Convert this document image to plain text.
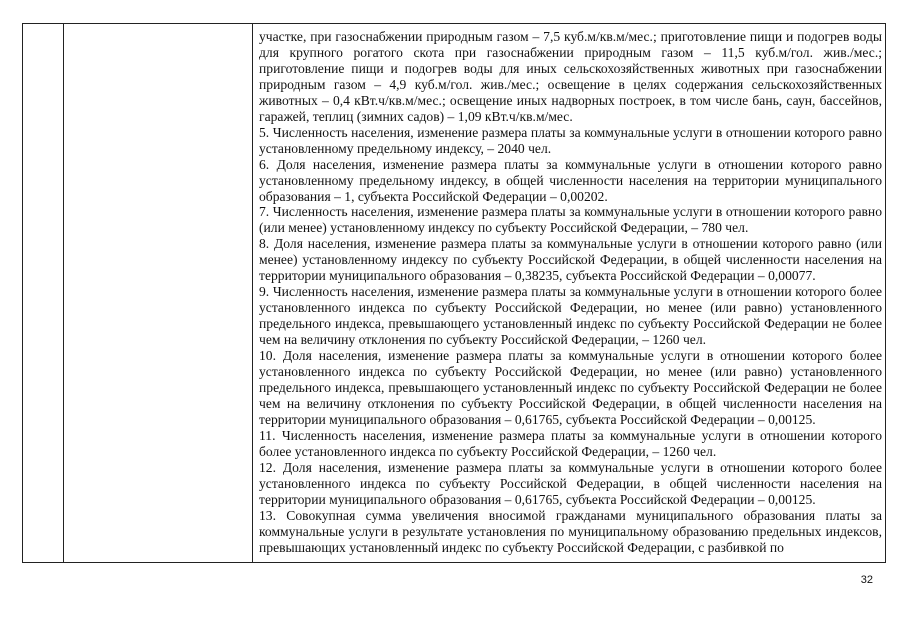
участке, при газоснабжении природным газом – 7,5 куб.м/кв.м/мес.; приготовление пищи и подогрев воды для крупного рогатого скота при газоснабжении природным газом – 11,5 куб.м/гол. жив./мес.; приготовление пищи и подогрев воды для иных сельскохозяйственных животных при газоснабжении природным газом – 4,9 куб.м/гол. жив./мес.; освещение в целях содержания сельскохозяйственных животных – 0,4 кВт.ч/кв.м/мес.; освещение иных надворных построек, в том числе бань, саун, бассейнов, гаражей, теплиц (зимних садов) – 1,09 кВт.ч/кв.м/мес.

5. Численность населения, изменение размера платы за коммунальные услуги в отношении которого равно установленному предельному индексу, – 2040 чел.

6. Доля населения, изменение размера платы за коммунальные услуги в отношении которого равно установленному предельному индексу, в общей численности населения на территории муниципального образования – 1, субъекта Российской Федерации – 0,00202.

7. Численность населения, изменение размера платы за коммунальные услуги в отношении которого равно (или менее) установленному индексу по субъекту Российской Федерации, – 780 чел.

8. Доля населения, изменение размера платы за коммунальные услуги в отношении которого равно (или менее) установленному индексу по субъекту Российской Федерации, в общей численности населения на территории муниципального образования – 0,38235, субъекта Российской Федерации – 0,00077.

9. Численность населения, изменение размера платы за коммунальные услуги в отношении которого более установленного индекса по субъекту Российской Федерации, но менее (или равно) установленного предельного индекса, превышающего установленный индекс по субъекту Российской Федерации не более чем на величину отклонения по субъекту Российской Федерации, – 1260 чел.

10. Доля населения, изменение размера платы за коммунальные услуги в отношении которого более установленного индекса по субъекту Российской Федерации, но менее (или равно) установленного предельного индекса, превышающего установленный индекс по субъекту Российской Федерации не более чем на величину отклонения по субъекту Российской Федерации, в общей численности населения на территории муниципального образования – 0,61765, субъекта Российской Федерации – 0,00125.

11. Численность населения, изменение размера платы за коммунальные услуги в отношении которого более установленного индекса по субъекту Российской Федерации, – 1260 чел.

12. Доля населения, изменение размера платы за коммунальные услуги в отношении которого более установленного индекса по субъекту Российской Федерации, в общей численности населения на территории муниципального образования – 0,61765, субъекта Российской Федерации – 0,00125.

13. Совокупная сумма увеличения вносимой гражданами муниципального образования платы за коммунальные услуги в результате установления по муниципальному образованию предельных индексов, превышающих установленный индекс по субъекту Российской Федерации, с разбивкой по

32
